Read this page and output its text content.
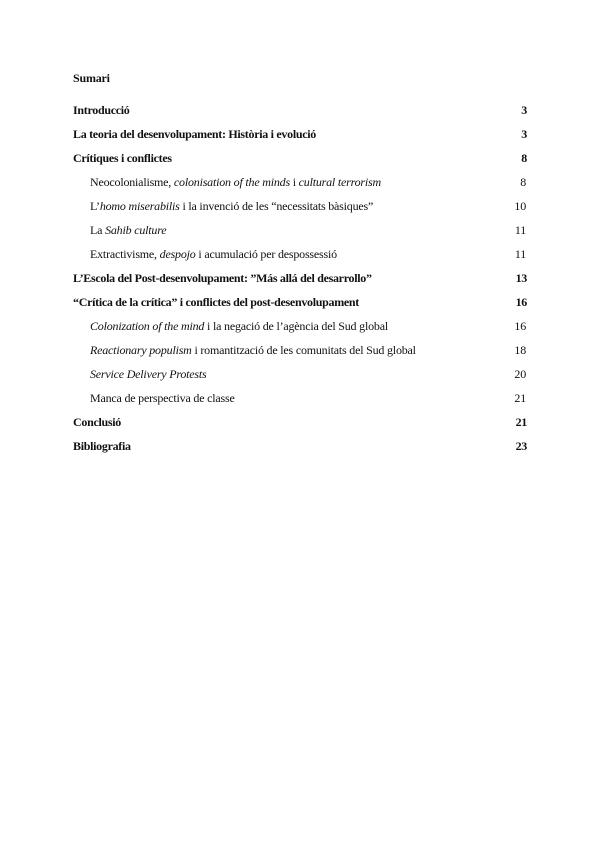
Sumari
Introducció	3
La teoria del desenvolupament: Història i evolució	3
Crítiques i conflictes	8
Neocolonialisme, colonisation of the minds i cultural terrorism	8
L’homo miserabilis i la invenció de les “necessitats bàsiques”	10
La Sahib culture	11
Extractivisme, despojo i acumulació per despossessió	11
L’Escola del Post-desenvolupament: ”Más allá del desarrollo”	13
“Crítica de la crítica” i conflictes del post-desenvolupament	16
Colonization of the mind i la negació de l’agència del Sud global	16
Reactionary populism i romantització de les comunitats del Sud global	18
Service Delivery Protests	20
Manca de perspectiva de classe	21
Conclusió	21
Bibliografia	23
